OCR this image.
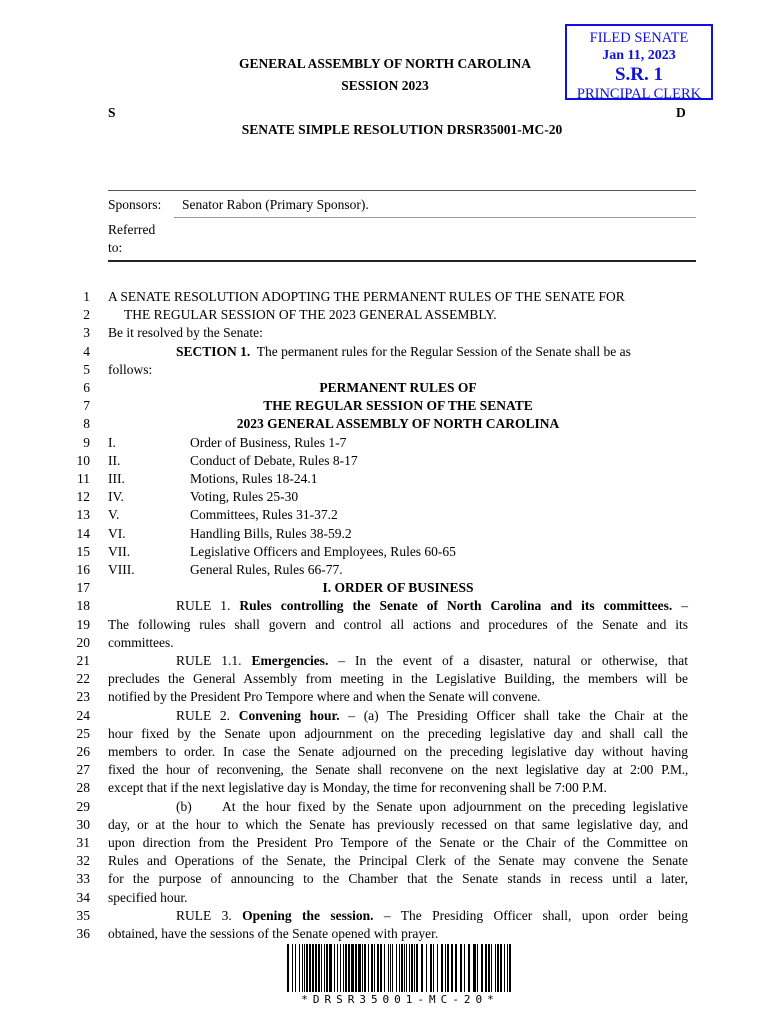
FILED SENATE
Jan 11, 2023
S.R. 1
PRINCIPAL CLERK
GENERAL ASSEMBLY OF NORTH CAROLINA
SESSION 2023
S	D
SENATE SIMPLE RESOLUTION DRSR35001-MC-20
Sponsors: Senator Rabon (Primary Sponsor).
Referred
to:
1 A SENATE RESOLUTION ADOPTING THE PERMANENT RULES OF THE SENATE FOR
2	THE REGULAR SESSION OF THE 2023 GENERAL ASSEMBLY.
3 Be it resolved by the Senate:
4	SECTION 1.  The permanent rules for the Regular Session of the Senate shall be as
5 follows:
6	PERMANENT RULES OF
7	THE REGULAR SESSION OF THE SENATE
8	2023 GENERAL ASSEMBLY OF NORTH CAROLINA
9 I.	Order of Business, Rules 1-7
10 II.	Conduct of Debate, Rules 8-17
11 III.	Motions, Rules 18-24.1
12 IV.	Voting, Rules 25-30
13 V.	Committees, Rules 31-37.2
14 VI.	Handling Bills, Rules 38-59.2
15 VII.	Legislative Officers and Employees, Rules 60-65
16 VIII.	General Rules, Rules 66-77.
17	I. ORDER OF BUSINESS
18	RULE 1. Rules controlling the Senate of North Carolina and its committees. –
19 The following rules shall govern and control all actions and procedures of the Senate and its
20 committees.
21	RULE 1.1. Emergencies. – In the event of a disaster, natural or otherwise, that
22 precludes the General Assembly from meeting in the Legislative Building, the members will be
23 notified by the President Pro Tempore where and when the Senate will convene.
24	RULE 2. Convening hour. – (a) The Presiding Officer shall take the Chair at the
25 hour fixed by the Senate upon adjournment on the preceding legislative day and shall call the
26 members to order. In case the Senate adjourned on the preceding legislative day without having
27 fixed the hour of reconvening, the Senate shall reconvene on the next legislative day at 2:00 P.M.,
28 except that if the next legislative day is Monday, the time for reconvening shall be 7:00 P.M.
29	(b) At the hour fixed by the Senate upon adjournment on the preceding legislative
30 day, or at the hour to which the Senate has previously recessed on that same legislative day, and
31 upon direction from the President Pro Tempore of the Senate or the Chair of the Committee on
32 Rules and Operations of the Senate, the Principal Clerk of the Senate may convene the Senate
33 for the purpose of announcing to the Chamber that the Senate stands in recess until a later,
34 specified hour.
35	RULE 3. Opening the session. – The Presiding Officer shall, upon order being
36 obtained, have the sessions of the Senate opened with prayer.
*DRSR35001-MC-20*
